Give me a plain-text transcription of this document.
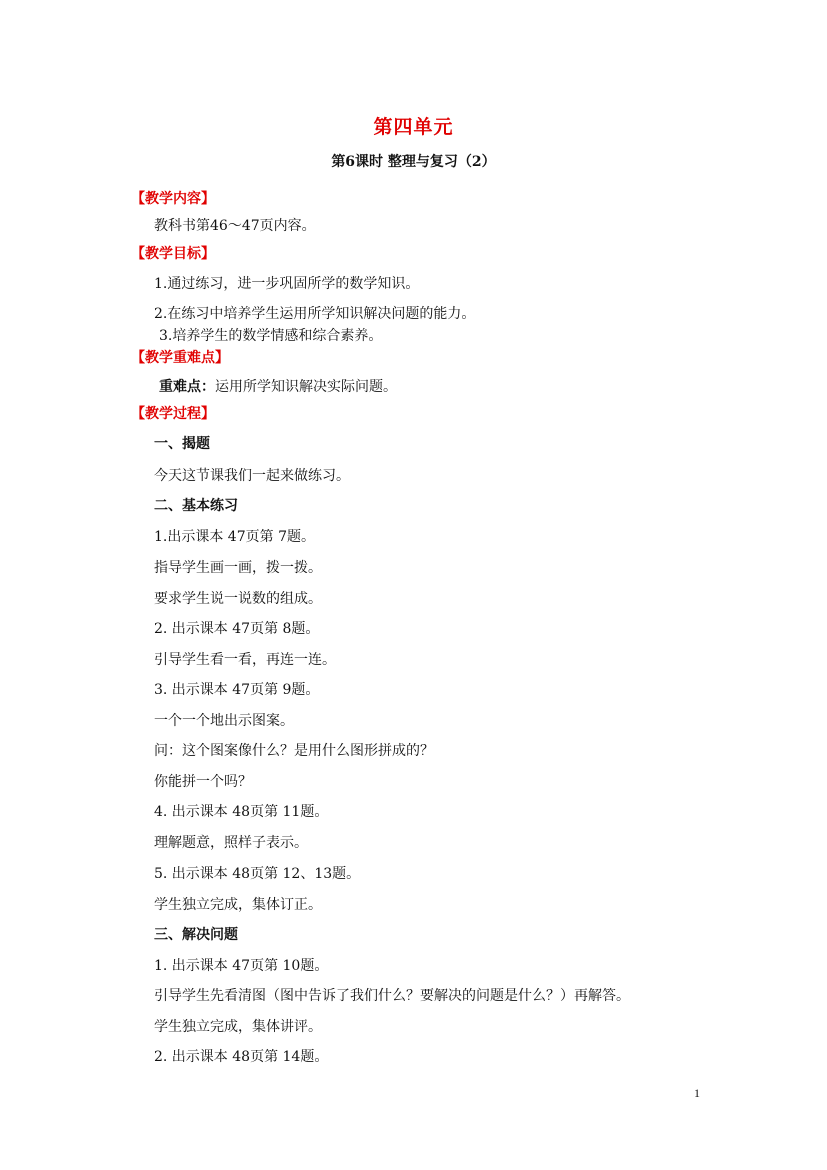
第四单元
第6课时 整理与复习（2）
【教学内容】
教科书第46～47页内容。
【教学目标】
1.通过练习，进一步巩固所学的数学知识。
2.在练习中培养学生运用所学知识解决问题的能力。
3.培养学生的数学情感和综合素养。
【教学重难点】
重难点：运用所学知识解决实际问题。
【教学过程】
一、揭题
今天这节课我们一起来做练习。
二、基本练习
1.出示课本 47页第 7题。
指导学生画一画，拨一拨。
要求学生说一说数的组成。
2. 出示课本 47页第 8题。
引导学生看一看，再连一连。
3. 出示课本 47页第 9题。
一个一个地出示图案。
问：这个图案像什么？是用什么图形拼成的？
你能拼一个吗？
4. 出示课本 48页第 11题。
理解题意，照样子表示。
5. 出示课本 48页第 12、13题。
学生独立完成，集体订正。
三、解决问题
1. 出示课本 47页第 10题。
引导学生先看清图（图中告诉了我们什么？要解决的问题是什么？）再解答。
学生独立完成，集体讲评。
2. 出示课本 48页第 14题。
1
